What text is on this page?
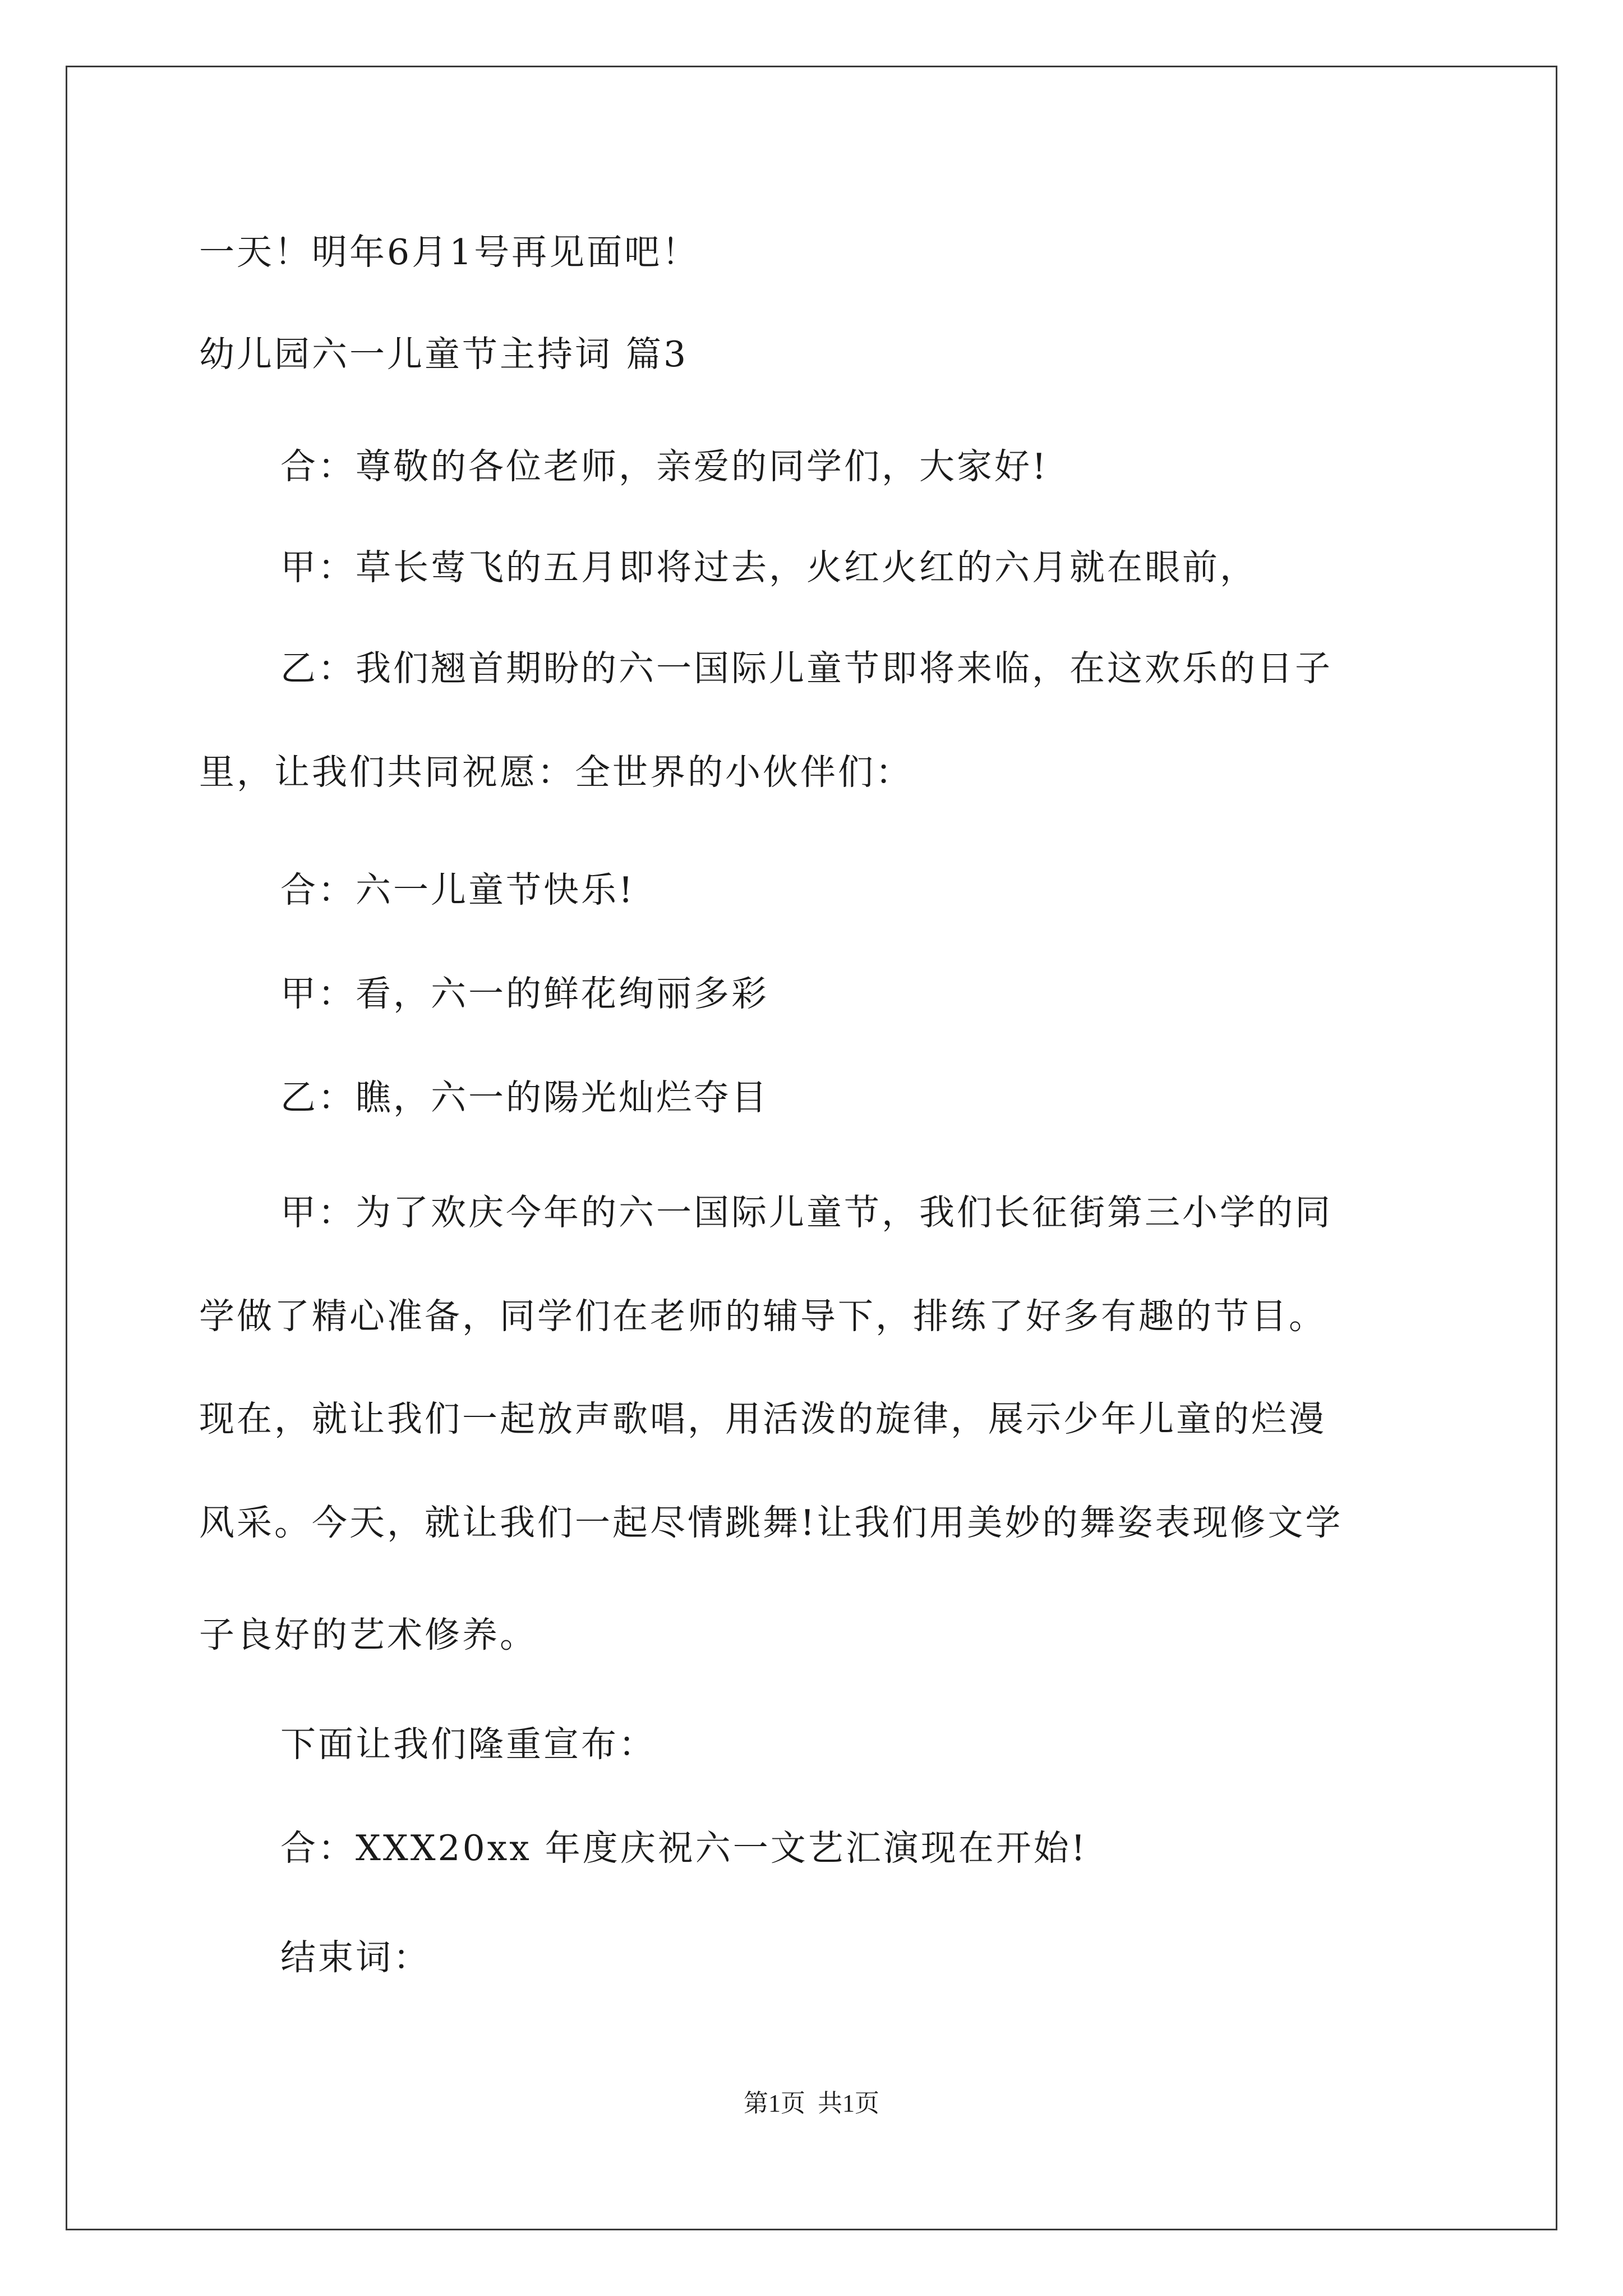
一天！明年6月1号再见面吧！
幼儿园六一儿童节主持词 篇3
合：尊敬的各位老师，亲爱的同学们，大家好!
甲：草长莺飞的五月即将过去，火红火红的六月就在眼前，
乙：我们翘首期盼的六一国际儿童节即将来临，在这欢乐的日子
里，让我们共同祝愿：全世界的小伙伴们：
合：六一儿童节快乐!
甲：看，六一的鲜花绚丽多彩
乙：瞧，六一的陽光灿烂夺目
甲：为了欢庆今年的六一国际儿童节，我们长征街第三小学的同
学做了精心准备，同学们在老师的辅导下，排练了好多有趣的节目。
现在，就让我们一起放声歌唱，用活泼的旋律，展示少年儿童的烂漫
风采。今天，就让我们一起尽情跳舞!让我们用美妙的舞姿表现修文学
子良好的艺术修养。
下面让我们隆重宣布：
合：XXX20xx 年度庆祝六一文艺汇演现在开始!
结束词：
第1页  共1页
